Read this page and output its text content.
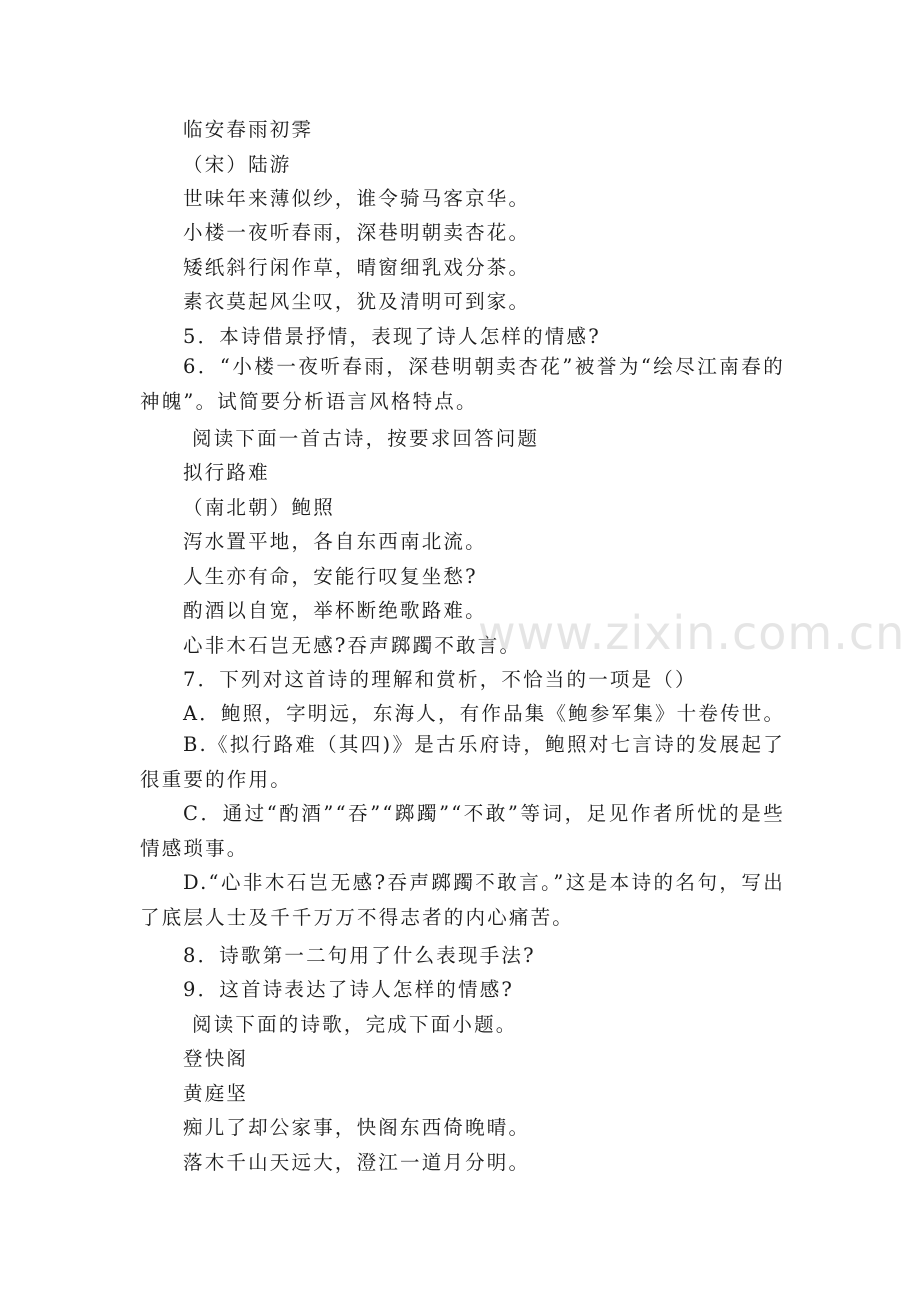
临安春雨初霁
（宋）陆游
世味年来薄似纱，谁令骑马客京华。
小楼一夜听春雨，深巷明朝卖杏花。
矮纸斜行闲作草，晴窗细乳戏分茶。
素衣莫起风尘叹，犹及清明可到家。
5．本诗借景抒情，表现了诗人怎样的情感?
6．“小楼一夜听春雨，深巷明朝卖杏花”被誉为“绘尽江南春的神魄”。试简要分析语言风格特点。
阅读下面一首古诗，按要求回答问题
拟行路难
（南北朝）鲍照
泻水置平地，各自东西南北流。
人生亦有命，安能行叹复坐愁?
酌酒以自宽，举杯断绝歌路难。
心非木石岂无感?吞声踯躅不敢言。
7．下列对这首诗的理解和赏析，不恰当的一项是（）
A．鲍照，字明远，东海人，有作品集《鲍参军集》十卷传世。
B.《拟行路难（其四)》是古乐府诗，鲍照对七言诗的发展起了很重要的作用。
C．通过“酌酒”“吞”“踯躅”“不敢”等词，足见作者所忧的是些情感琐事。
D.“心非木石岂无感?吞声踯躅不敢言。”这是本诗的名句，写出了底层人士及千千万万不得志者的内心痛苦。
8．诗歌第一二句用了什么表现手法?
9．这首诗表达了诗人怎样的情感?
阅读下面的诗歌，完成下面小题。
登快阁
黄庭坚
痴儿了却公家事，快阁东西倚晚晴。
落木千山天远大，澄江一道月分明。
www.zixin.com.cn
